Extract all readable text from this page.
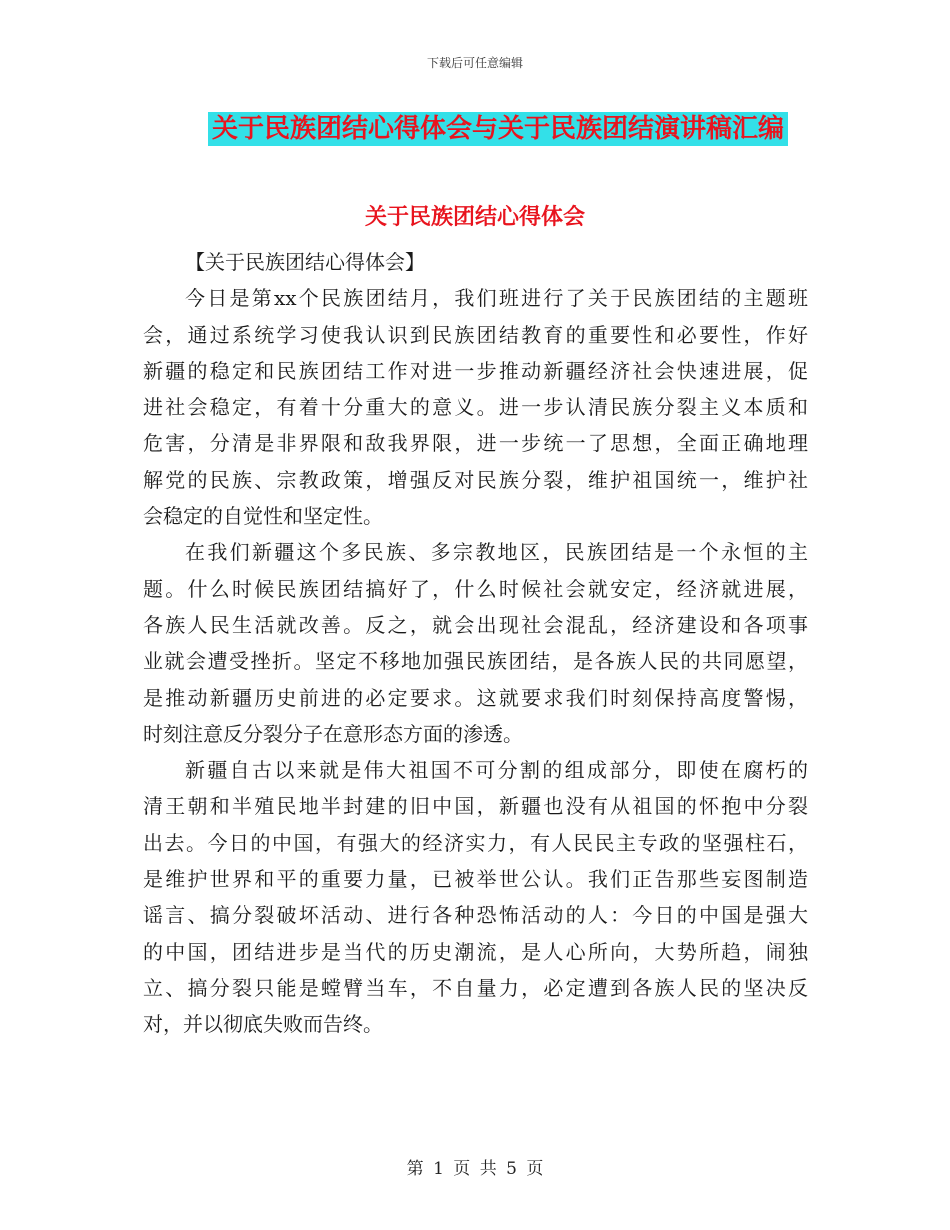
下载后可任意编辑
关于民族团结心得体会与关于民族团结演讲稿汇编
关于民族团结心得体会
【关于民族团结心得体会】
今日是第xx个民族团结月，我们班进行了关于民族团结的主题班
会，通过系统学习使我认识到民族团结教育的重要性和必要性，作好
新疆的稳定和民族团结工作对进一步推动新疆经济社会快速进展，促
进社会稳定，有着十分重大的意义。进一步认清民族分裂主义本质和
危害，分清是非界限和敌我界限，进一步统一了思想，全面正确地理
解党的民族、宗教政策，增强反对民族分裂，维护祖国统一，维护社
会稳定的自觉性和坚定性。
在我们新疆这个多民族、多宗教地区，民族团结是一个永恒的主
题。什么时候民族团结搞好了，什么时候社会就安定，经济就进展，
各族人民生活就改善。反之，就会出现社会混乱，经济建设和各项事
业就会遭受挫折。坚定不移地加强民族团结，是各族人民的共同愿望，
是推动新疆历史前进的必定要求。这就要求我们时刻保持高度警惕，
时刻注意反分裂分子在意形态方面的渗透。
新疆自古以来就是伟大祖国不可分割的组成部分，即使在腐朽的
清王朝和半殖民地半封建的旧中国，新疆也没有从祖国的怀抱中分裂
出去。今日的中国，有强大的经济实力，有人民民主专政的坚强柱石，
是维护世界和平的重要力量，已被举世公认。我们正告那些妄图制造
谣言、搞分裂破坏活动、进行各种恐怖活动的人：今日的中国是强大
的中国，团结进步是当代的历史潮流，是人心所向，大势所趋，闹独
立、搞分裂只能是螳臂当车，不自量力，必定遭到各族人民的坚决反
对，并以彻底失败而告终。
第 1 页 共 5 页
